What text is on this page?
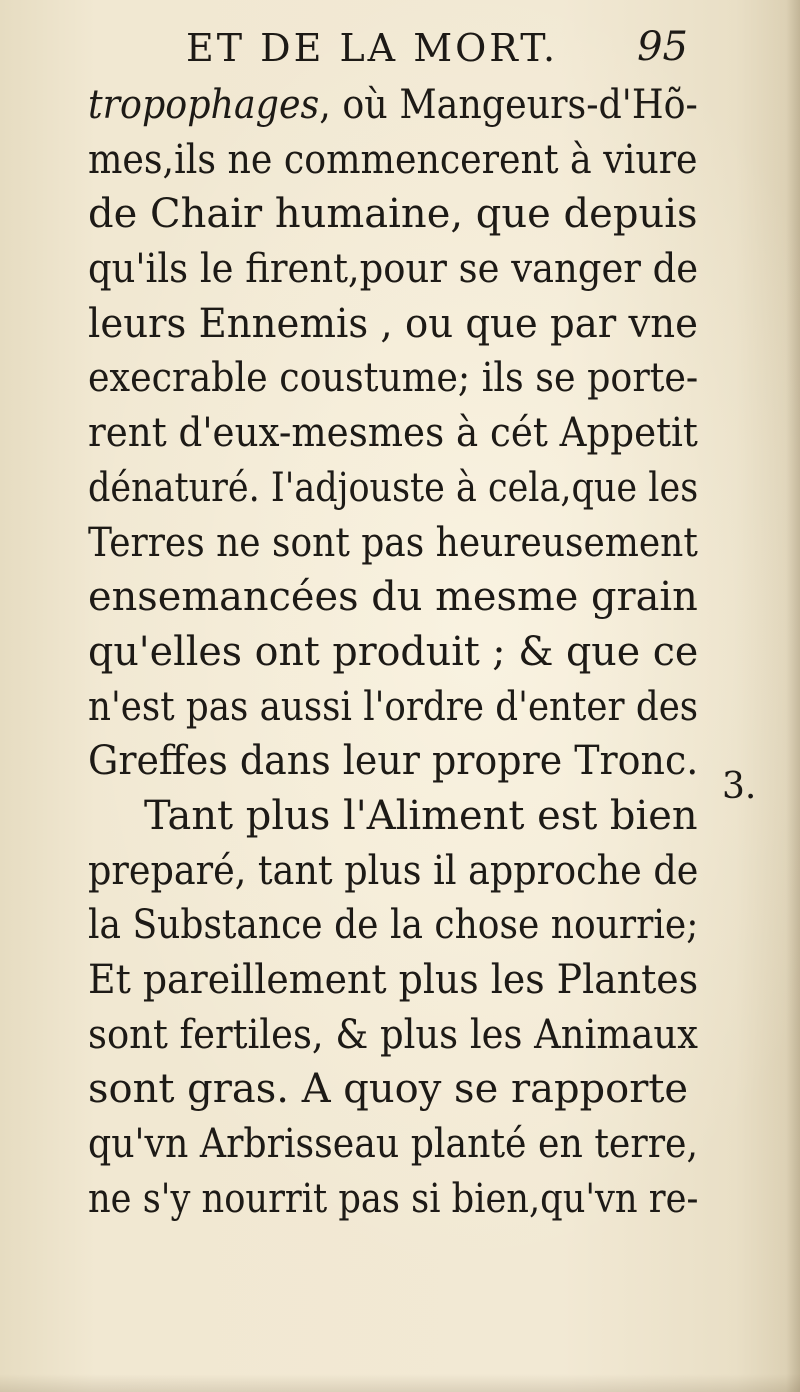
ET DE LA MORT. 95
tropophages, où Mangeurs-d'Hõ-
mes,ils ne commencerent à viure
de Chair humaine, que depuis
qu'ils le firent,pour se vanger de
leurs Ennemis , ou que par vne
execrable coustume; ils se porte-
rent d'eux-mesmes à cét Appetit
dénaturé. I'adjouste à cela,que les
Terres ne sont pas heureusement
ensemancées du mesme grain
qu'elles ont produit ; & que ce
n'est pas aussi l'ordre d'enter des
Greffes dans leur propre Tronc.
Tant plus l'Aliment est bien
preparé, tant plus il approche de
la Substance de la chose nourrie;
Et pareillement plus les Plantes
sont fertiles, & plus les Animaux
sont gras. A quoy se rapporte
qu'vn Arbrisseau planté en terre,
ne s'y nourrit pas si bien,qu'vn re-
3.
